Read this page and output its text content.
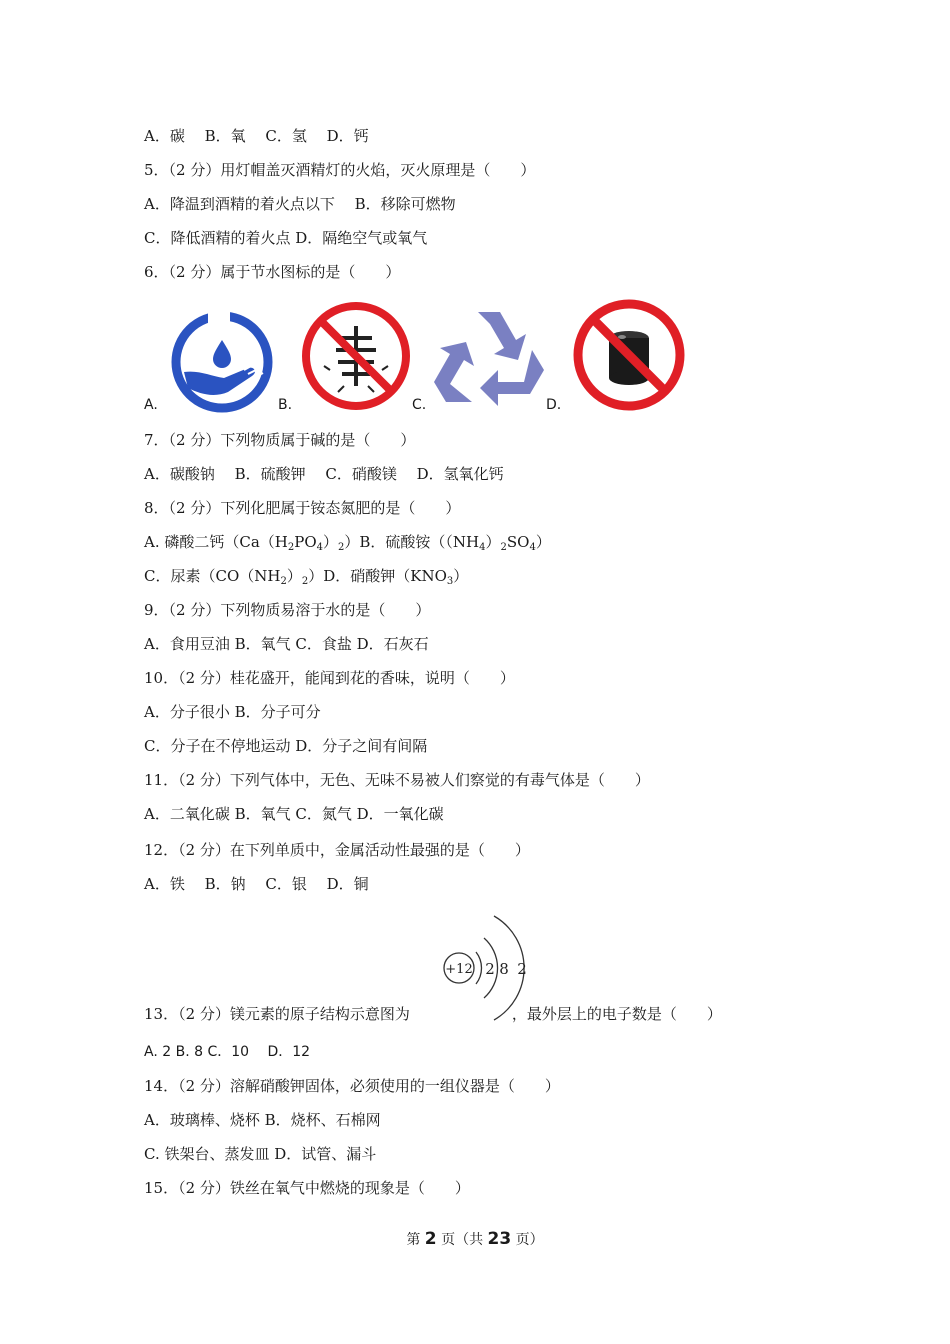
A．碳　 B．氧　 C．氢　 D．钙
5．（2 分）用灯帽盖灭酒精灯的火焰，灭火原理是（　　）
A．降温到酒精的着火点以下　 B．移除可燃物
C．降低酒精的着火点 D．隔绝空气或氧气
6．（2 分）属于节水图标的是（　　）
A.	B.	C.	D.
7．（2 分）下列物质属于碱的是（　　）
A．碳酸钠　 B．硫酸钾　 C．硝酸镁　 D．氢氧化钙
8．（2 分）下列化肥属于铵态氮肥的是（　　）
A. 磷酸二钙$(Ca(H_2PO_4)_2)B$．硫酸铵$((NH_4)_2SO_4)$
C．尿素$(CO(NH_2)_2)D$．硝酸钾$(KNO_3)$
9．（2 分）下列物质易溶于水的是（　　）
A．食用豆油 B．氧气 C．食盐 D．石灰石
10．（2 分）桂花盛开，能闻到花的香味，说明（　　）
A．分子很小 B．分子可分
C．分子在不停地运动 D．分子之间有间隔
11．（2 分）下列气体中，无色、无味不易被人们察觉的有毒气体是（　　）
A．二氧化碳 B．氧气 C．氮气 D．一氧化碳
12．（2 分）在下列单质中，金属活动性最强的是（　　）
A．铁　 B．钠　 C．银　 D．铜
+12 2 8 2
13．（2 分）镁元素的原子结构示意图为	，最外层上的电子数是（　　）
A. 2 B. 8 C．10　 D．12
14．（2 分）溶解硝酸钾固体，必须使用的一组仪器是（　　）
A．玻璃棒、烧杯 B．烧杯、石棉网
C. 铁架台、蒸发皿 D．试管、漏斗
15．（2 分）铁丝在氧气中燃烧的现象是（　　）
第 2 页（共 23 页）
